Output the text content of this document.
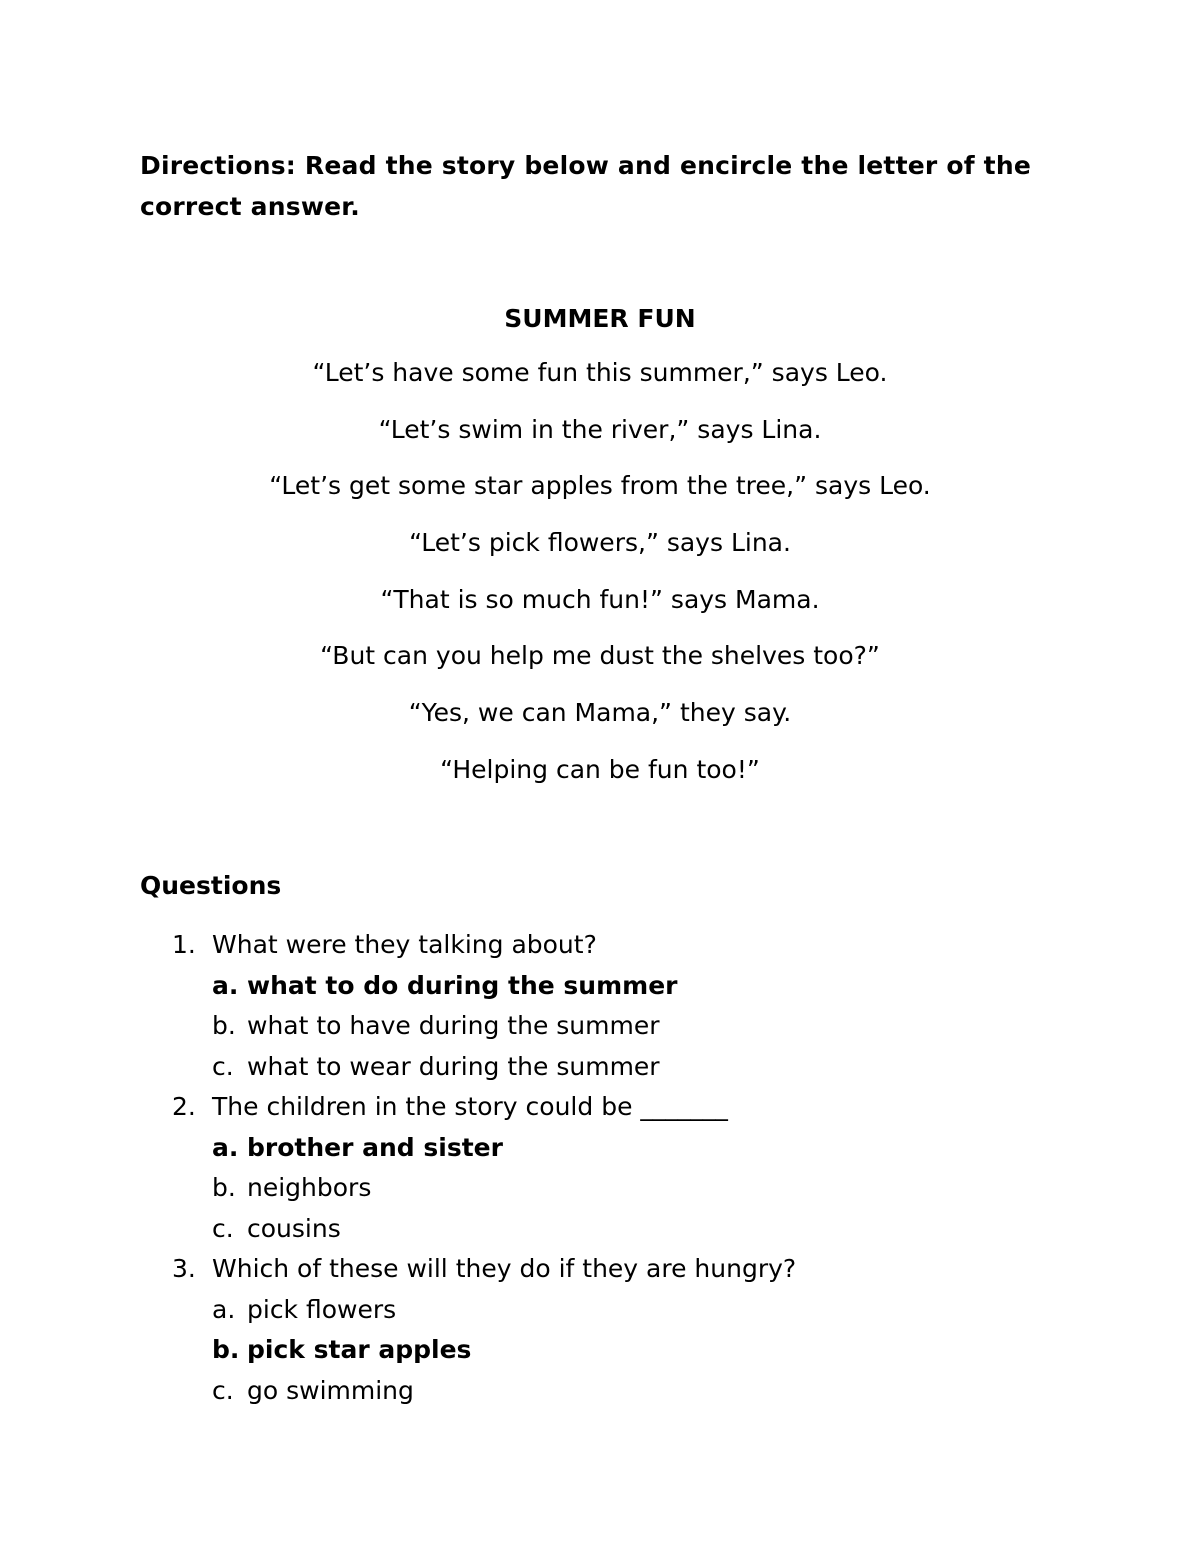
Directions: Read the story below and encircle the letter of the correct answer.
SUMMER FUN
“Let’s have some fun this summer,” says Leo.
“Let’s swim in the river,” says Lina.
“Let’s get some star apples from the tree,” says Leo.
“Let’s pick flowers,” says Lina.
“That is so much fun!” says Mama.
“But can you help me dust the shelves too?”
“Yes, we can Mama,” they say.
“Helping can be fun too!”
Questions
1. What were they talking about?
a. what to do during the summer
b. what to have during the summer
c. what to wear during the summer
2. The children in the story could be _______
a. brother and sister
b. neighbors
c. cousins
3. Which of these will they do if they are hungry?
a. pick flowers
b. pick star apples
c. go swimming
